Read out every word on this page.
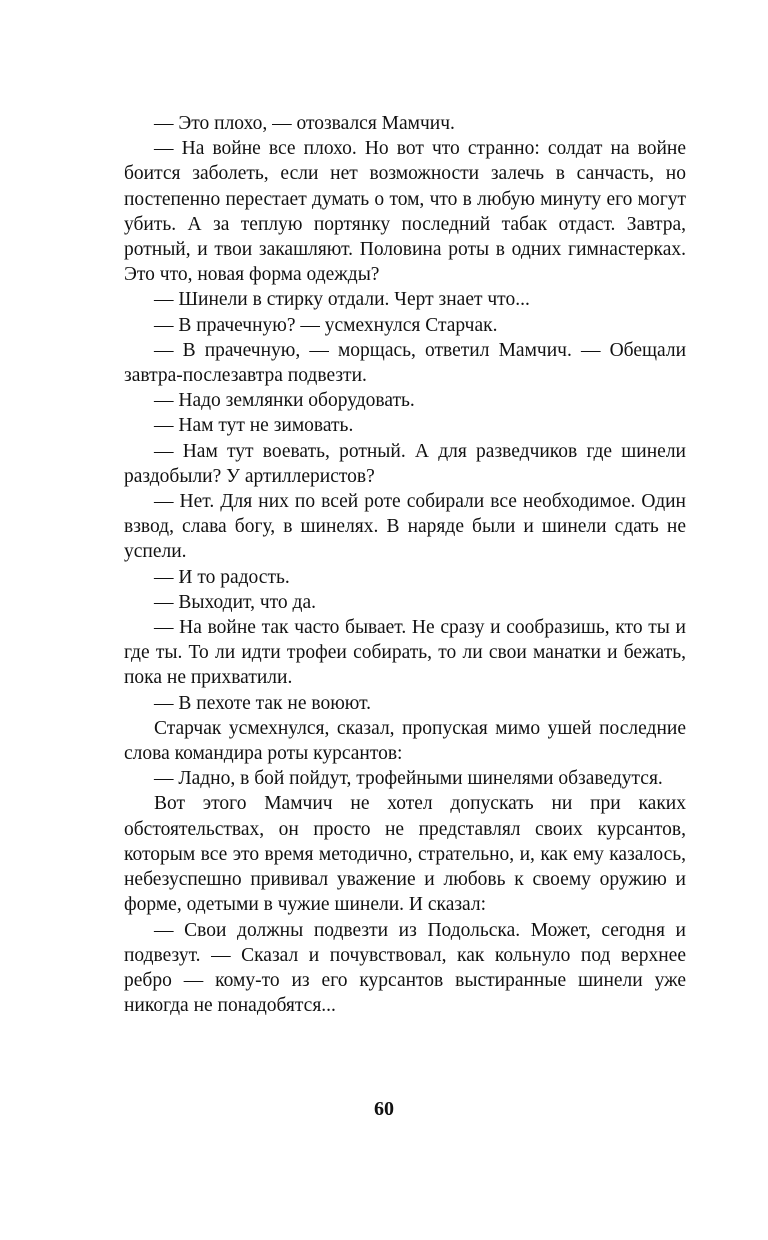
— Это плохо, — отозвался Мамчич.

— На войне все плохо. Но вот что странно: солдат на войне боится заболеть, если нет возможности залечь в санчасть, но постепенно перестает думать о том, что в любую минуту его могут убить. А за теплую портянку последний табак отдаст. Завтра, ротный, и твои закашляют. Половина роты в одних гимнастерках. Это что, новая форма одежды?

— Шинели в стирку отдали. Черт знает что...

— В прачечную? — усмехнулся Старчак.

— В прачечную, — морщась, ответил Мамчич. — Обещали завтра-послезавтра подвезти.

— Надо землянки оборудовать.

— Нам тут не зимовать.

— Нам тут воевать, ротный. А для разведчиков где шинели раздобыли? У артиллеристов?

— Нет. Для них по всей роте собирали все необходимое. Один взвод, слава богу, в шинелях. В наряде были и шинели сдать не успели.

— И то радость.

— Выходит, что да.

— На войне так часто бывает. Не сразу и сообразишь, кто ты и где ты. То ли идти трофеи собирать, то ли свои манатки и бежать, пока не прихватили.

— В пехоте так не воюют.

Старчак усмехнулся, сказал, пропуская мимо ушей последние слова командира роты курсантов:

— Ладно, в бой пойдут, трофейными шинелями обзаведутся.

Вот этого Мамчич не хотел допускать ни при каких обстоятельствах, он просто не представлял своих курсантов, которым все это время методично, стрательно, и, как ему казалось, небезуспешно прививал уважение и любовь к своему оружию и форме, одетыми в чужие шинели. И сказал:

— Свои должны подвезти из Подольска. Может, сегодня и подвезут. — Сказал и почувствовал, как кольнуло под верхнее ребро — кому-то из его курсантов выстиранные шинели уже никогда не понадобятся...

60
